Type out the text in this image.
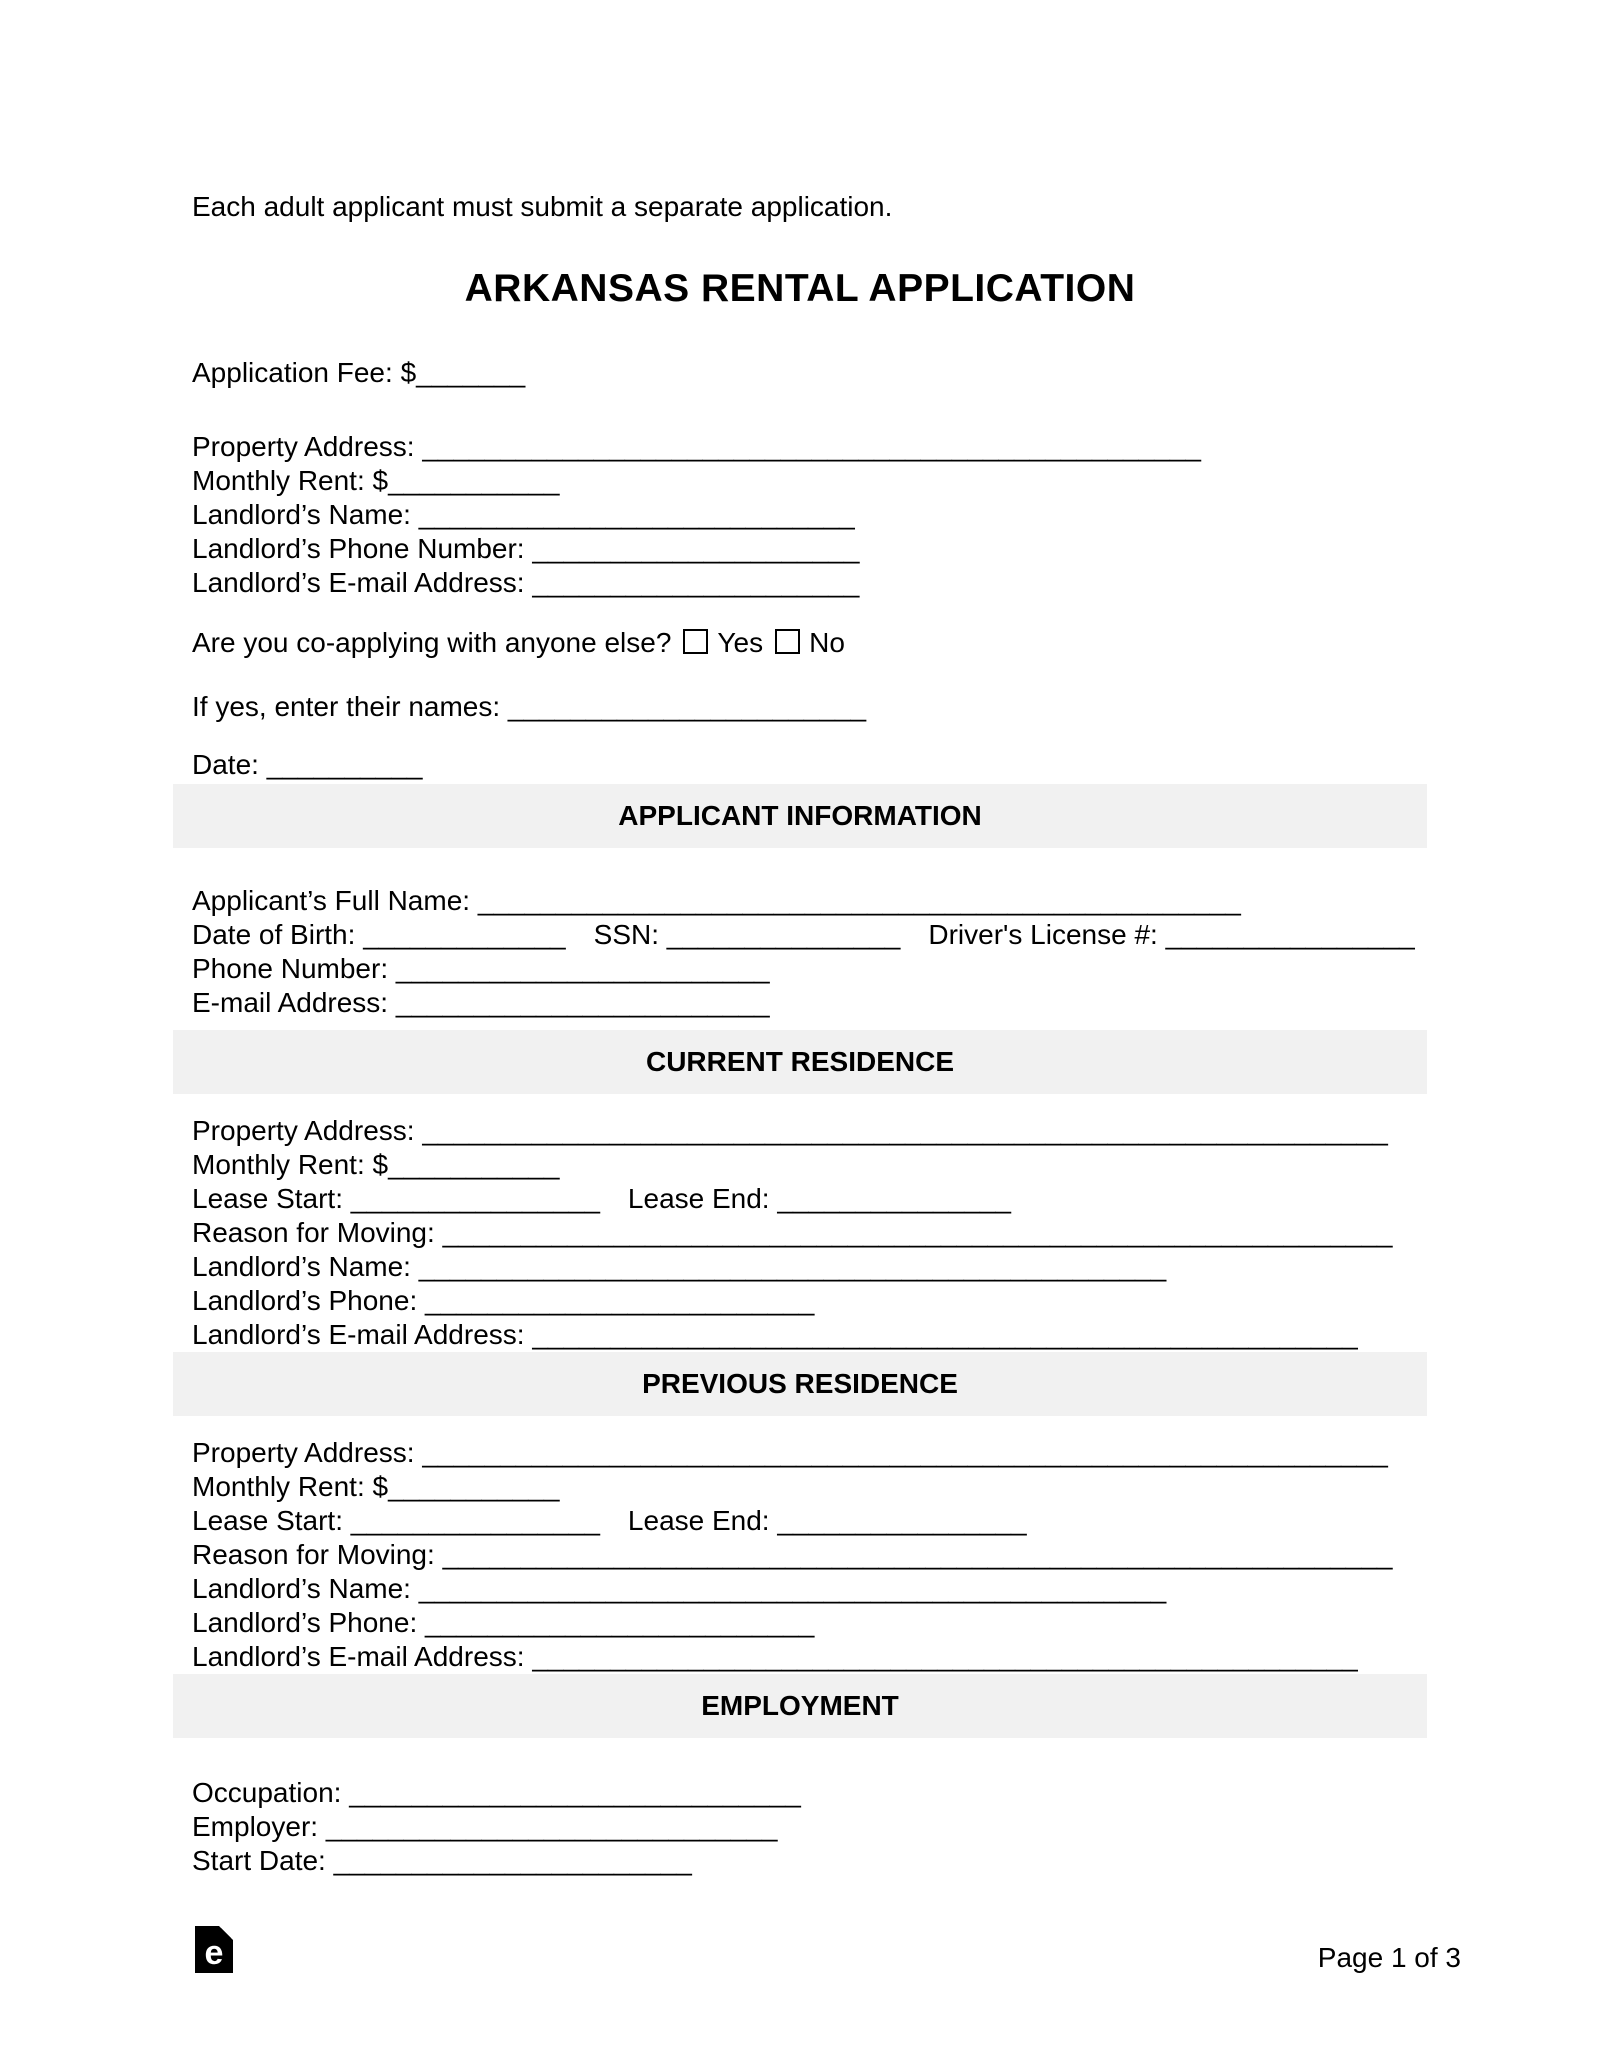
Each adult applicant must submit a separate application.
ARKANSAS RENTAL APPLICATION
Application Fee: $_______
Property Address: __________________________________________________
Monthly Rent: $___________
Landlord’s Name: ____________________________
Landlord’s Phone Number: _____________________
Landlord’s E-mail Address: _____________________
Are you co-applying with anyone else? Yes No
If yes, enter their names: _______________________
Date: __________
APPLICANT INFORMATION
Applicant’s Full Name: _________________________________________________
Date of Birth: _____________ SSN: _______________ Driver's License #: ________________
Phone Number: ________________________
E-mail Address: ________________________
CURRENT RESIDENCE
Property Address: ______________________________________________________________
Monthly Rent: $___________
Lease Start: ________________ Lease End: _______________
Reason for Moving: _____________________________________________________________
Landlord’s Name: ________________________________________________
Landlord’s Phone: _________________________
Landlord’s E-mail Address: _____________________________________________________
PREVIOUS RESIDENCE
Property Address: ______________________________________________________________
Monthly Rent: $___________
Lease Start: ________________ Lease End: ________________
Reason for Moving: _____________________________________________________________
Landlord’s Name: ________________________________________________
Landlord’s Phone: _________________________
Landlord’s E-mail Address: _____________________________________________________
EMPLOYMENT
Occupation: _____________________________
Employer: _____________________________
Start Date: _______________________
e	Page 1 of 3
